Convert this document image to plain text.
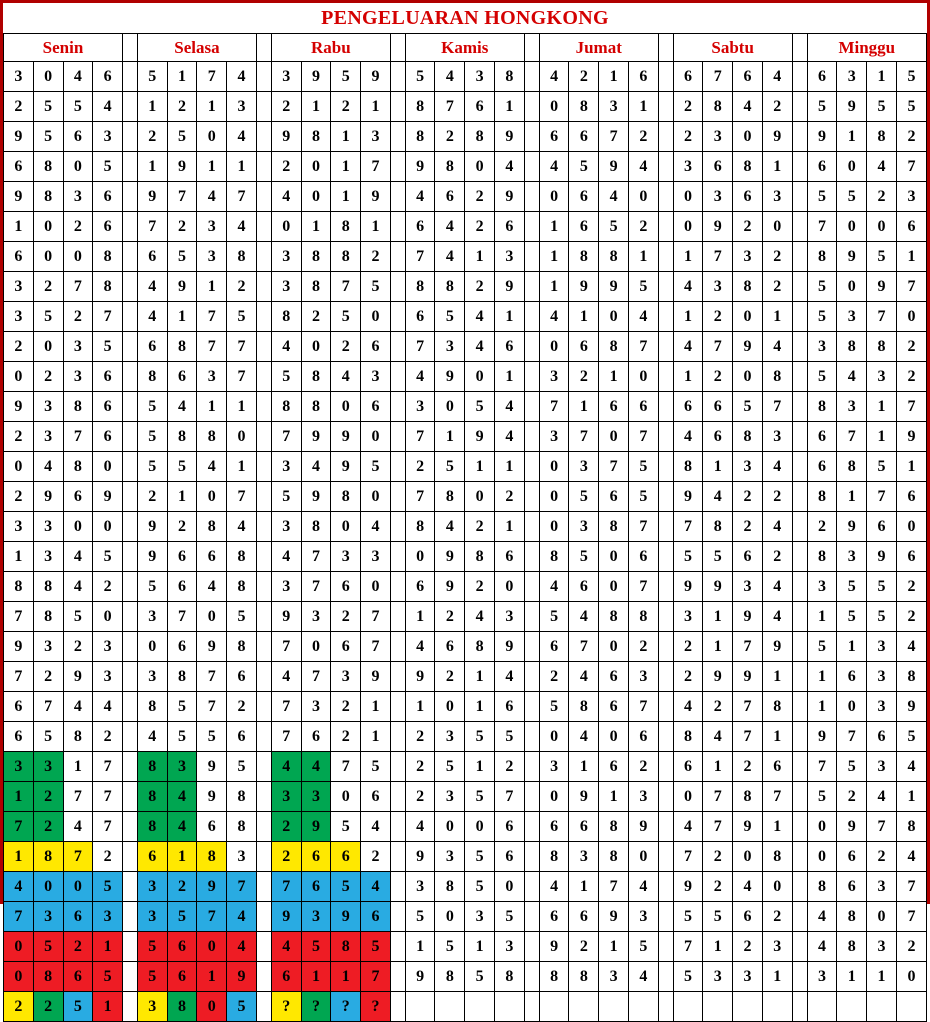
PENGELUARAN HONGKONG
Senin					Selasa					Rabu					Kamis					Jumat					Sabtu					Minggu			
3	0	4	6		5	1	7	4		3	9	5	9		5	4	3	8		4	2	1	6		6	7	6	4		6	3	1	5
2	5	5	4		1	2	1	3		2	1	2	1		8	7	6	1		0	8	3	1		2	8	4	2		5	9	5	5
9	5	6	3		2	5	0	4		9	8	1	3		8	2	8	9		6	6	7	2		2	3	0	9		9	1	8	2
6	8	0	5		1	9	1	1		2	0	1	7		9	8	0	4		4	5	9	4		3	6	8	1		6	0	4	7
9	8	3	6		9	7	4	7		4	0	1	9		4	6	2	9		0	6	4	0		0	3	6	3		5	5	2	3
1	0	2	6		7	2	3	4		0	1	8	1		6	4	2	6		1	6	5	2		0	9	2	0		7	0	0	6
6	0	0	8		6	5	3	8		3	8	8	2		7	4	1	3		1	8	8	1		1	7	3	2		8	9	5	1
3	2	7	8		4	9	1	2		3	8	7	5		8	8	2	9		1	9	9	5		4	3	8	2		5	0	9	7
3	5	2	7		4	1	7	5		8	2	5	0		6	5	4	1		4	1	0	4		1	2	0	1		5	3	7	0
2	0	3	5		6	8	7	7		4	0	2	6		7	3	4	6		0	6	8	7		4	7	9	4		3	8	8	2
0	2	3	6		8	6	3	7		5	8	4	3		4	9	0	1		3	2	1	0		1	2	0	8		5	4	3	2
9	3	8	6		5	4	1	1		8	8	0	6		3	0	5	4		7	1	6	6		6	6	5	7		8	3	1	7
2	3	7	6		5	8	8	0		7	9	9	0		7	1	9	4		3	7	0	7		4	6	8	3		6	7	1	9
0	4	8	0		5	5	4	1		3	4	9	5		2	5	1	1		0	3	7	5		8	1	3	4		6	8	5	1
2	9	6	9		2	1	0	7		5	9	8	0		7	8	0	2		0	5	6	5		9	4	2	2		8	1	7	6
3	3	0	0		9	2	8	4		3	8	0	4		8	4	2	1		0	3	8	7		7	8	2	4		2	9	6	0
1	3	4	5		9	6	6	8		4	7	3	3		0	9	8	6		8	5	0	6		5	5	6	2		8	3	9	6
8	8	4	2		5	6	4	8		3	7	6	0		6	9	2	0		4	6	0	7		9	9	3	4		3	5	5	2
7	8	5	0		3	7	0	5		9	3	2	7		1	2	4	3		5	4	8	8		3	1	9	4		1	5	5	2
9	3	2	3		0	6	9	8		7	0	6	7		4	6	8	9		6	7	0	2		2	1	7	9		5	1	3	4
7	2	9	3		3	8	7	6		4	7	3	9		9	2	1	4		2	4	6	3		2	9	9	1		1	6	3	8
6	7	4	4		8	5	7	2		7	3	2	1		1	0	1	6		5	8	6	7		4	2	7	8		1	0	3	9
6	5	8	2		4	5	5	6		7	6	2	1		2	3	5	5		0	4	0	6		8	4	7	1		9	7	6	5
3	3	1	7		8	3	9	5		4	4	7	5		2	5	1	2		3	1	6	2		6	1	2	6		7	5	3	4
1	2	7	7		8	4	9	8		3	3	0	6		2	3	5	7		0	9	1	3		0	7	8	7		5	2	4	1
7	2	4	7		8	4	6	8		2	9	5	4		4	0	0	6		6	6	8	9		4	7	9	1		0	9	7	8
1	8	7	2		6	1	8	3		2	6	6	2		9	3	5	6		8	3	8	0		7	2	0	8		0	6	2	4
4	0	0	5		3	2	9	7		7	6	5	4		3	8	5	0		4	1	7	4		9	2	4	0		8	6	3	7
7	3	6	3		3	5	7	4		9	3	9	6		5	0	3	5		6	6	9	3		5	5	6	2		4	8	0	7
0	5	2	1		5	6	0	4		4	5	8	5		1	5	1	3		9	2	1	5		7	1	2	3		4	8	3	2
0	8	6	5		5	6	1	9		6	1	1	7		9	8	5	8		8	8	3	4		5	3	3	1		3	1	1	0
2	2	5	1		3	8	0	5		?	?	?	?																				
